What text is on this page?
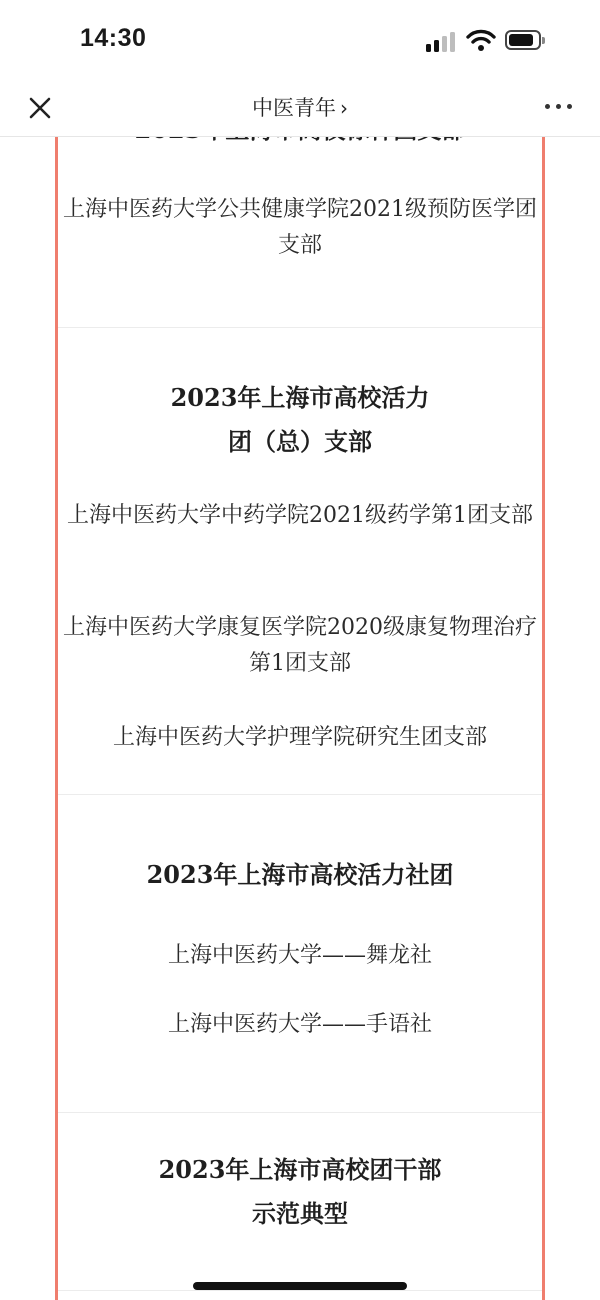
14:30
中医青年 ›
上海中医药大学公共健康学院2021级预防医学团支部
2023年上海市高校活力
团（总）支部
上海中医药大学中药学院2021级药学第1团支部
上海中医药大学康复医学院2020级康复物理治疗第1团支部
上海中医药大学护理学院研究生团支部
2023年上海市高校活力社团
上海中医药大学——舞龙社
上海中医药大学——手语社
2023年上海市高校团干部
示范典型
